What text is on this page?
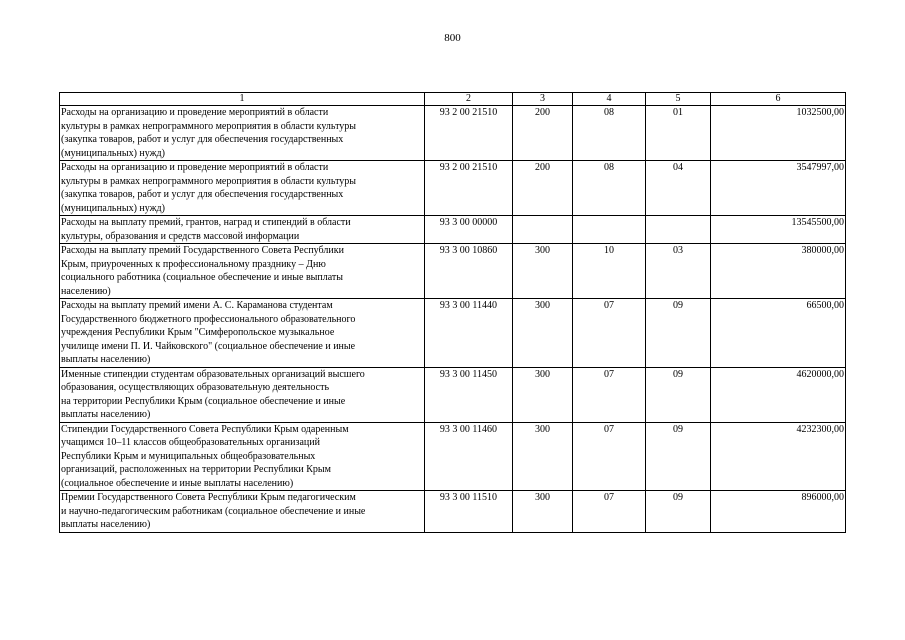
800
1	2	3	4	5	6
Расходы на организацию и проведение мероприятий в области
культуры в рамках непрограммного мероприятия в области культуры
(закупка товаров, работ и услуг для обеспечения государственных
(муниципальных) нужд)	93 2 00 21510	200	08	01	1032500,00
Расходы на организацию и проведение мероприятий в области
культуры в рамках непрограммного мероприятия в области культуры
(закупка товаров, работ и услуг для обеспечения государственных
(муниципальных) нужд)	93 2 00 21510	200	08	04	3547997,00
Расходы на выплату премий, грантов, наград и стипендий в области
культуры, образования и средств массовой информации	93 3 00 00000				13545500,00
Расходы на выплату премий Государственного Совета Республики
Крым, приуроченных к профессиональному празднику – Дню
социального работника (социальное обеспечение и иные выплаты
населению)	93 3 00 10860	300	10	03	380000,00
Расходы на выплату премий имени А. С. Караманова студентам
Государственного бюджетного профессионального образовательного
учреждения Республики Крым "Симферопольское музыкальное
училище имени П. И. Чайковского" (социальное обеспечение и иные
выплаты населению)	93 3 00 11440	300	07	09	66500,00
Именные стипендии студентам образовательных организаций высшего
образования, осуществляющих образовательную деятельность
на территории Республики Крым (социальное обеспечение и иные
выплаты населению)	93 3 00 11450	300	07	09	4620000,00
Стипендии Государственного Совета Республики Крым одаренным
учащимся 10–11 классов общеобразовательных организаций
Республики Крым и муниципальных общеобразовательных
организаций, расположенных на территории Республики Крым
(социальное обеспечение и иные выплаты населению)	93 3 00 11460	300	07	09	4232300,00
Премии Государственного Совета Республики Крым педагогическим
и научно-педагогическим работникам (социальное обеспечение и иные
выплаты населению)	93 3 00 11510	300	07	09	896000,00
